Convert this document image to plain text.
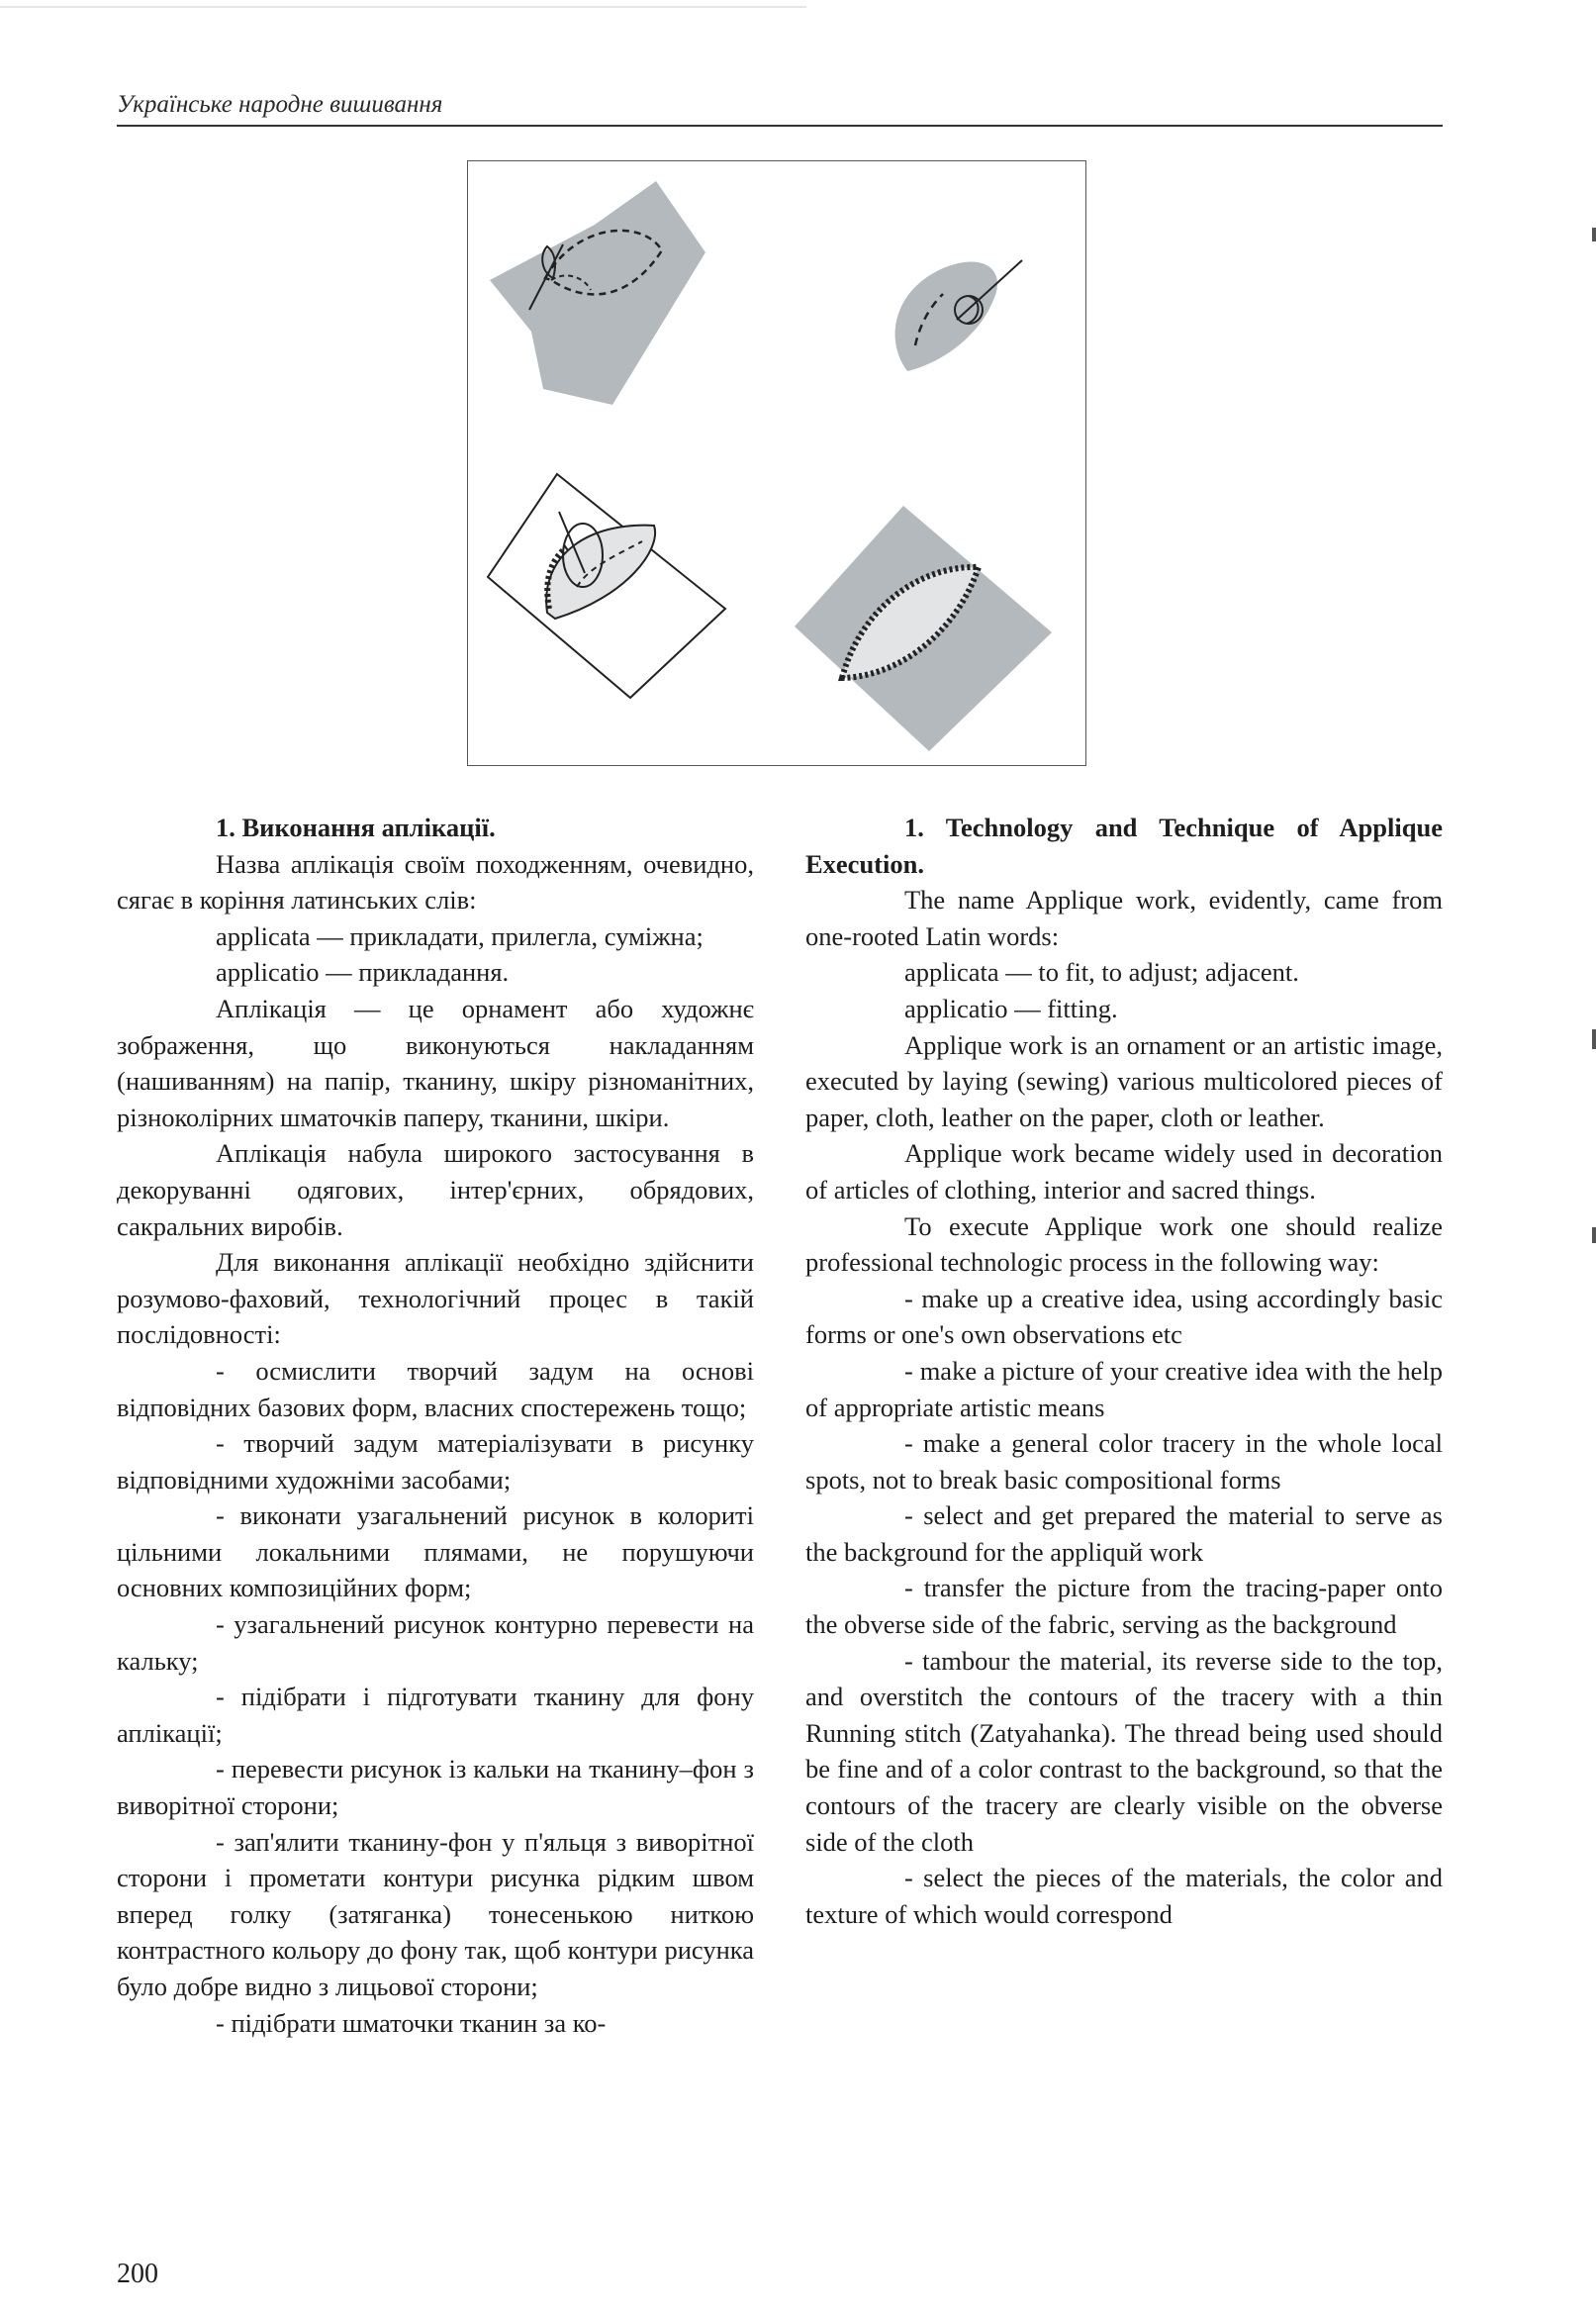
Українське народне вишивання

1. Виконання аплікації.

Назва аплікація своїм походженням, очевидно, сягає в коріння латинських слів:

applicata — прикладати, прилегла, суміжна;

applicatio — прикладання.

Аплікація — це орнамент або художнє зображення, що виконуються накладанням (нашиванням) на папір, тканину, шкіру різноманітних, різноколірних шматочків паперу, тканини, шкіри.

Аплікація набула широкого застосування в декоруванні одягових, інтер'єрних, обрядових, сакральних виробів.

Для виконання аплікації необхідно здійснити розумово-фаховий, технологічний процес в такій послідовності:

- осмислити творчий задум на основі відповідних базових форм, власних спостережень тощо;

- творчий задум матеріалізувати в рисунку відповідними художніми засобами;

- виконати узагальнений рисунок в колориті цільними локальними плямами, не порушуючи основних композиційних форм;

- узагальнений рисунок контурно перевести на кальку;

- підібрати і підготувати тканину для фону аплікації;

- перевести рисунок із кальки на тканину–фон з виворітної сторони;

- зап'ялити тканину-фон у п'яльця з виворітної сторони і прометати контури рисунка рідким швом вперед голку (затяганка) тонесенькою ниткою контрастного кольору до фону так, щоб контури рисунка було добре видно з лицьової сторони;

- підібрати шматочки тканин за ко-

1. Technology and Technique of Applique Execution.

The name Applique work, evidently, came from one-rooted Latin words:

applicata — to fit, to adjust; adjacent.

applicatio — fitting.

Applique work is an ornament or an artistic image, executed by laying (sewing) various multicolored pieces of paper, cloth, leather on the paper, cloth or leather.

Applique work became widely used in decoration of articles of clothing, interior and sacred things.

To execute Applique work one should realize professional technologic process in the following way:

- make up a creative idea, using accordingly basic forms or one's own observations etc

- make a picture of your creative idea with the help of appropriate artistic means

- make a general color tracery in the whole local spots, not to break basic compositional forms

- select and get prepared the material to serve as the background for the appliquй work

- transfer the picture from the tracing-paper onto the obverse side of the fabric, serving as the background

- tambour the material, its reverse side to the top, and overstitch the contours of the tracery with a thin Running stitch (Zatyahanka). The thread being used should be fine and of a color contrast to the background, so that the contours of the tracery are clearly visible on the obverse side of the cloth

- select the pieces of the materials, the color and texture of which would correspond

200
